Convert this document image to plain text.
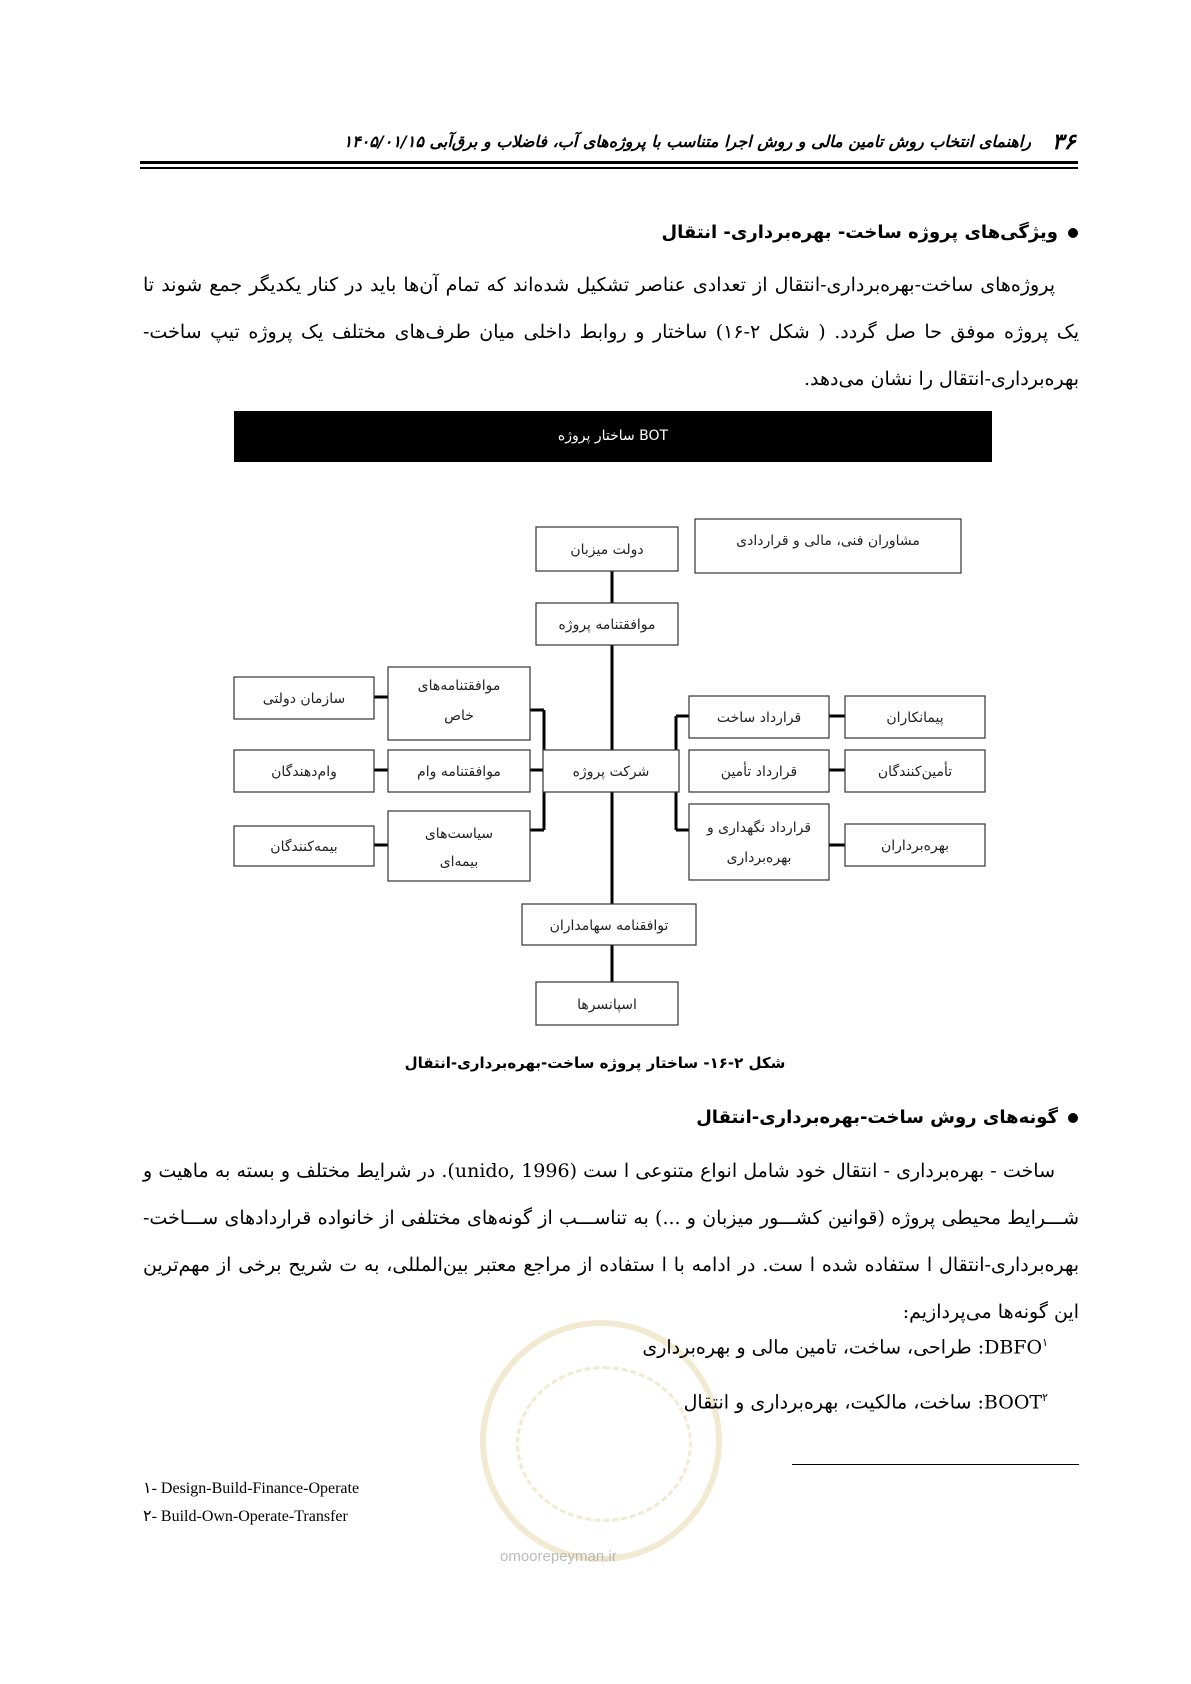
۳۶
راهنمای انتخاب روش تامین مالی و روش اجرا متناسب با پروژه‌های آب، فاضلاب و برق‌آبی ۱۴۰۵/۰۱/۱۵
ویژگی‌های پروژه ساخت- بهره‌برداری- انتقال
پروژه‌های ساخت-بهره‌برداری-انتقال از تعدادی عناصر تشکیل شده‌اند که تمام آن‌ها باید در کنار یکدیگر جمع شوند تا یک پروژه موفق حا صل گردد. ( شکل ۲-۱۶) ساختار و روابط داخلی میان طرف‌های مختلف یک پروژه تیپ ساخت-بهره‌برداری-انتقال را نشان می‌دهد.
BOT ساختار پروژه
دولت میزبان
مشاوران فنی، مالی و قراردادی
موافقتنامه پروژه
سازمان دولتی
موافقتنامه‌های
خاص
وام‌دهندگان	موافقتنامه وام	شرکت پروژه
بیمه‌کنندگان
سیاست‌های
بیمه‌ای
قرارداد ساخت	پیمانکاران
قرارداد تأمین	تأمین‌کنندگان
قرارداد نگهداری و
بهره‌برداری
بهره‌برداران
توافقنامه سهامداران
اسپانسرها
شکل ۲-۱۶- ساختار پروژه ساخت-بهره‌برداری-انتقال
گونه‌های روش ساخت-بهره‌برداری-انتقال
ساخت - بهره‌برداری - انتقال خود شامل انواع متنوعی ا ست (unido, 1996). در شرایط مختلف و بسته به ماهیت و شـــرایط محیطی پروژه (قوانین کشـــور میزبان و ...) به تناســـب از گونه‌های مختلفی از خانواده قراردادهای ســـاخت-بهره‌برداری-انتقال ا ستفاده شده ا ست. در ادامه با ا ستفاده از مراجع معتبر بین‌المللی، به ت شریح برخی از مهم‌ترین این گونه‌ها می‌پردازیم:
DBFO$^۱$: طراحی، ساخت، تامین مالی و بهره‌برداری
BOOT$^۲$: ساخت، مالکیت، بهره‌برداری و انتقال
۱- Design-Build-Finance-Operate
۲- Build-Own-Operate-Transfer
omoorepeyman.ir
